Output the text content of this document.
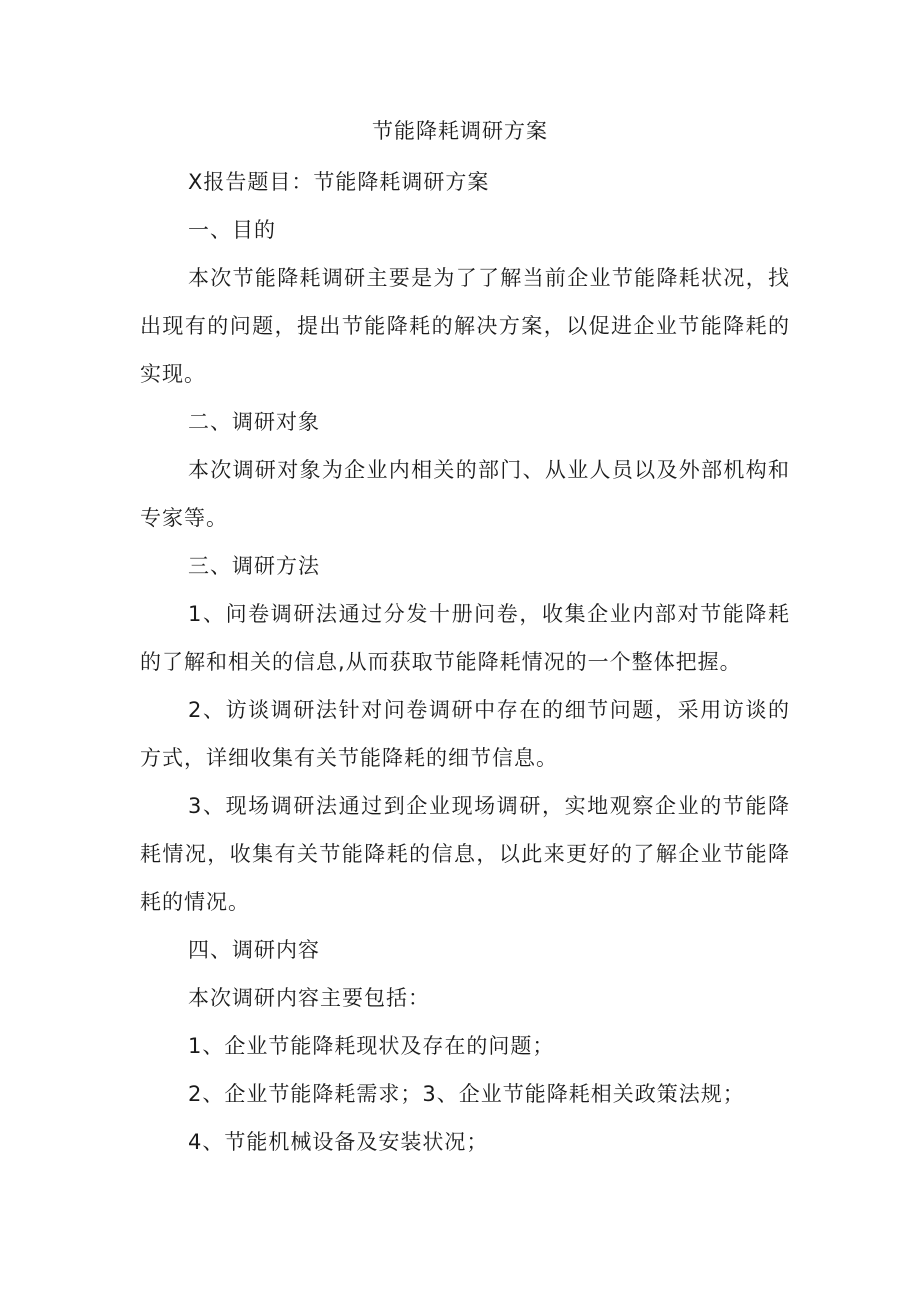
节能降耗调研方案

X报告题目：节能降耗调研方案

一、目的

本次节能降耗调研主要是为了了解当前企业节能降耗状况，找出现有的问题，提出节能降耗的解决方案，以促进企业节能降耗的实现。

二、调研对象

本次调研对象为企业内相关的部门、从业人员以及外部机构和专家等。

三、调研方法

1、问卷调研法通过分发十册问卷，收集企业内部对节能降耗的了解和相关的信息,从而获取节能降耗情况的一个整体把握。

2、访谈调研法针对问卷调研中存在的细节问题，采用访谈的方式，详细收集有关节能降耗的细节信息。

3、现场调研法通过到企业现场调研，实地观察企业的节能降耗情况，收集有关节能降耗的信息，以此来更好的了解企业节能降耗的情况。

四、调研内容

本次调研内容主要包括：

1、企业节能降耗现状及存在的问题；

2、企业节能降耗需求；3、企业节能降耗相关政策法规；

4、节能机械设备及安装状况；
